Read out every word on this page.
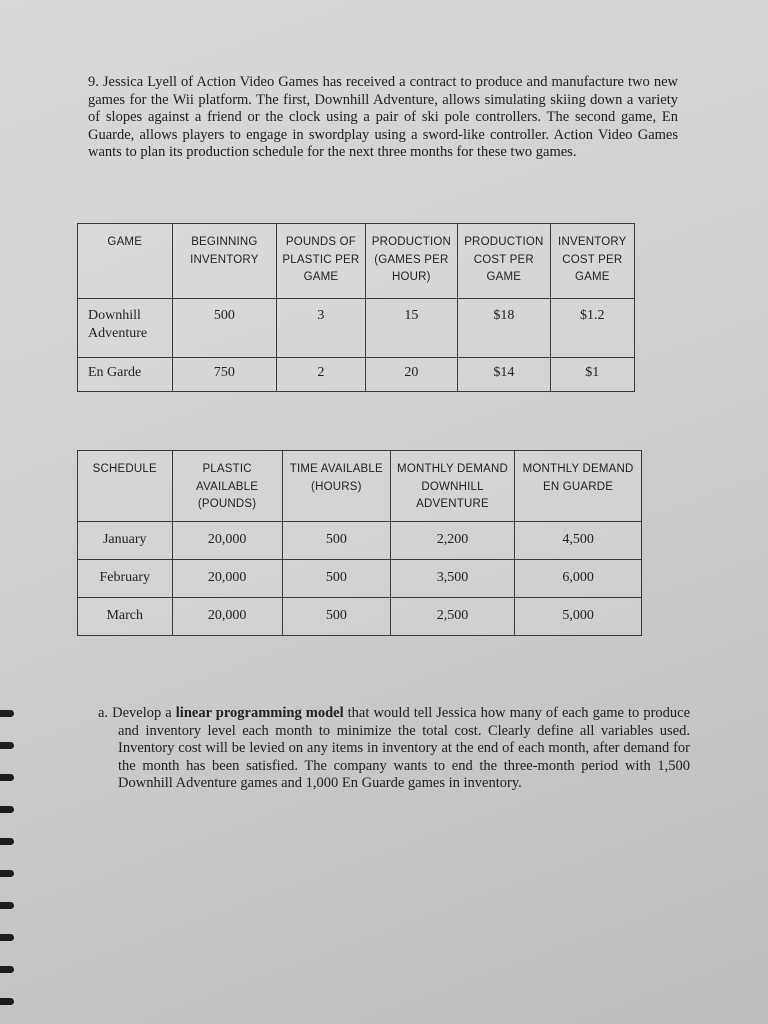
9. Jessica Lyell of Action Video Games has received a contract to produce and manufacture two new games for the Wii platform. The first, Downhill Adventure, allows simulating skiing down a variety of slopes against a friend or the clock using a pair of ski pole controllers. The second game, En Guarde, allows players to engage in swordplay using a sword-like controller. Action Video Games wants to plan its production schedule for the next three months for these two games.

GAME	BEGINNING INVENTORY	POUNDS OF PLASTIC PER GAME	PRODUCTION (GAMES PER HOUR)	PRODUCTION COST PER GAME	INVENTORY COST PER GAME
Downhill Adventure	500	3	15	$18	$1.2
En Garde	750	2	20	$14	$1
SCHEDULE	PLASTIC AVAILABLE (POUNDS)	TIME AVAILABLE (HOURS)	MONTHLY DEMAND DOWNHILL ADVENTURE	MONTHLY DEMAND EN GUARDE
January	20,000	500	2,200	4,500
February	20,000	500	3,500	6,000
March	20,000	500	2,500	5,000

a. Develop a linear programming model that would tell Jessica how many of each game to produce and inventory level each month to minimize the total cost. Clearly define all variables used. Inventory cost will be levied on any items in inventory at the end of each month, after demand for the month has been satisfied. The company wants to end the three-month period with 1,500 Downhill Adventure games and 1,000 En Guarde games in inventory.
